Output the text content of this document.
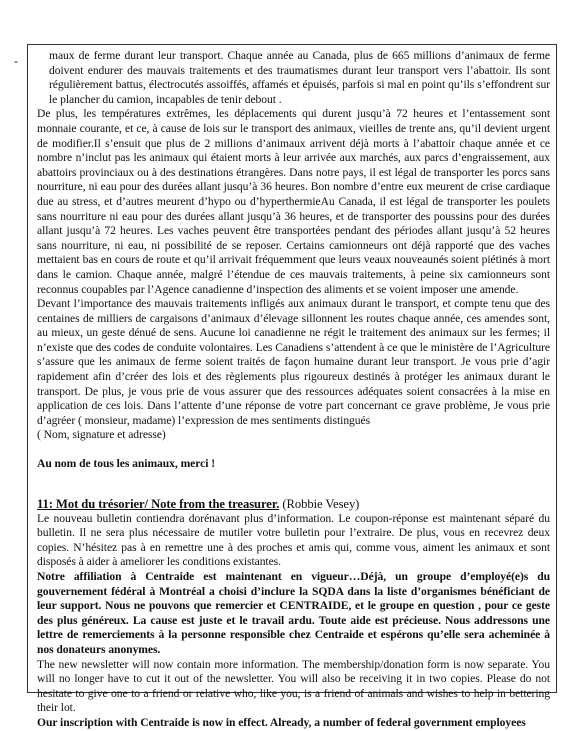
-	maux de ferme durant leur transport. Chaque année au Canada, plus de 665 millions d’animaux de ferme doivent endurer des mauvais traitements et des traumatismes durant leur transport vers l’abattoir. Ils sont régulièrement battus, électrocutés assoiffés, affamés et épuisés, parfois si mal en point qu’ils s’effondrent sur le plancher du camion, incapables de tenir debout .

De plus, les températures extrêmes, les déplacements qui durent jusqu’à 72 heures et l’entassement sont monnaie courante, et ce, à cause de lois sur le transport des animaux, vieilles de trente ans, qu’il devient urgent de modifier.Il s’ensuit que plus de 2 millions d’animaux arrivent déjà morts à l’abattoir chaque année et ce nombre n’inclut pas les animaux qui étaient morts à leur arrivée aux marchés, aux parcs d’engraissement, aux abattoirs provinciaux ou à des destinations étrangères. Dans notre pays, il est légal de transporter les porcs sans nourriture, ni eau pour des durées allant jusqu’à 36 heures. Bon nombre d’entre eux meurent de crise cardiaque due au stress, et d’autres meurent d’hypo ou d’hyperthermieAu Canada, il est légal de transporter les poulets sans nourriture ni eau pour des durées allant jusqu’à 36 heures, et de transporter des poussins pour des durées allant jusqu’à 72 heures. Les vaches peuvent être transportées pendant des périodes allant jusqu’à 52 heures sans nourriture, ni eau, ni possibilité de se reposer. Certains camionneurs ont déjà rapporté que des vaches mettaient bas en cours de route et qu’il arrivait fréquemment que leurs veaux nouveaunés soient piétinés à mort dans le camion. Chaque année, malgré l’étendue de ces mauvais traitements, à peine six camionneurs sont reconnus coupables par l’Agence canadienne d’inspection des aliments et se voient imposer une amende.

Devant l’importance des mauvais traitements infligés aux animaux durant le transport, et compte tenu que des centaines de milliers de cargaisons d’animaux d’élevage sillonnent les routes chaque année, ces amendes sont, au mieux, un geste dénué de sens. Aucune loi canadienne ne régit le traitement des animaux sur les fermes; il n’existe que des codes de conduite volontaires. Les Canadiens s’attendent à ce que le ministère de l’Agriculture s’assure que les animaux de ferme soient traités de façon humaine durant leur transport. Je vous prie d’agir rapidement afin d’créer des lois et des règlements plus rigoureux destinés à protéger les animaux durant le transport. De plus, je vous prie de vous assurer que des ressources adéquates soient consacrées à la mise en application de ces lois. Dans l’attente d’une réponse de votre part concernant ce grave problème, Je vous prie d’agréer ( monsieur, madame) l’expression de mes sentiments distingués

( Nom, signature et adresse)

Au nom de tous les animaux, merci !

11: Mot du trésorier/ Note from the treasurer. (Robbie Vesey)

Le nouveau bulletin contiendra dorénavant plus d’information. Le coupon-réponse est maintenant séparé du bulletin. Il ne sera plus nécessaire de mutiler votre bulletin pour l’extraire. De plus, vous en recevrez deux copies. N’hésitez pas à en remettre une à des proches et amis qui, comme vous, aiment les animaux et sont disposés à aider à ameliorer les conditions existantes.

Notre affiliation à Centraide est maintenant en vigueur…Déjà, un groupe d’employé(e)s du gouvernement fédéral à Montréal a choisi d’inclure la SQDA dans la liste d’organismes bénéficiant de leur support. Nous ne pouvons que remercier et CENTRAIDE, et le groupe en question , pour ce geste des plus généreux. La cause est juste et le travail ardu. Toute aide est précieuse. Nous addressons une lettre de remerciements à la personne responsible chez Centraide et espérons qu’elle sera acheminée à nos donateurs anonymes.

The new newsletter will now contain more information. The membership/donation form is now separate. You will no longer have to cut it out of the newsletter. You will also be receiving it in two copies. Please do not hesitate to give one to a friend or relative who, like you, is a friend of animals and wishes to help in bettering their lot.

Our inscription with Centraide is now in effect. Already, a number of federal government employees
